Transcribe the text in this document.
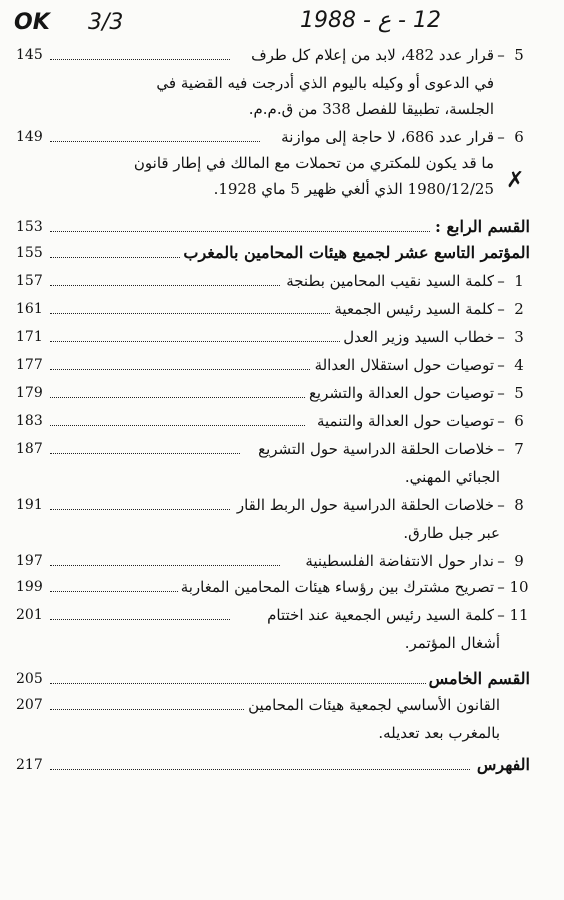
OK 3/3	12 - ع - 1988
✗
145	5–قرار عدد 482، لابد من إعلام كل طرف
في الدعوى أو وكيله باليوم الذي أدرجت فيه القضية في
الجلسة، تطبيقا للفصل 338 من ق.م.م.
149	6–قرار عدد 686، لا حاجة إلى موازنة
ما قد يكون للمكتري من تحملات مع المالك في إطار قانون
1980/12/25 الذي ألغي ظهير 5 ماي 1928.
153	القسم الرابع :
155	المؤتمر التاسع عشر لجميع هيئات المحامين بالمغرب
157	1–كلمة السيد نقيب المحامين بطنجة
161	2–كلمة السيد رئيس الجمعية
171	3–خطاب السيد وزير العدل
177	4–توصيات حول استقلال العدالة
179	5–توصيات حول العدالة والتشريع
183	6–توصيات حول العدالة والتنمية
187	7–خلاصات الحلقة الدراسية حول التشريع
الجبائي المهني.
191	8–خلاصات الحلقة الدراسية حول الربط القار
عبر جبل طارق.
197	9–ندار حول الانتفاضة الفلسطينية
199	10–تصريح مشترك بين رؤساء هيئات المحامين المغاربة
201	11–كلمة السيد رئيس الجمعية عند اختتام
أشغال المؤتمر.
205	القسم الخامس
207	القانون الأساسي لجمعية هيئات المحامين
بالمغرب بعد تعديله.
217	الفهرس
